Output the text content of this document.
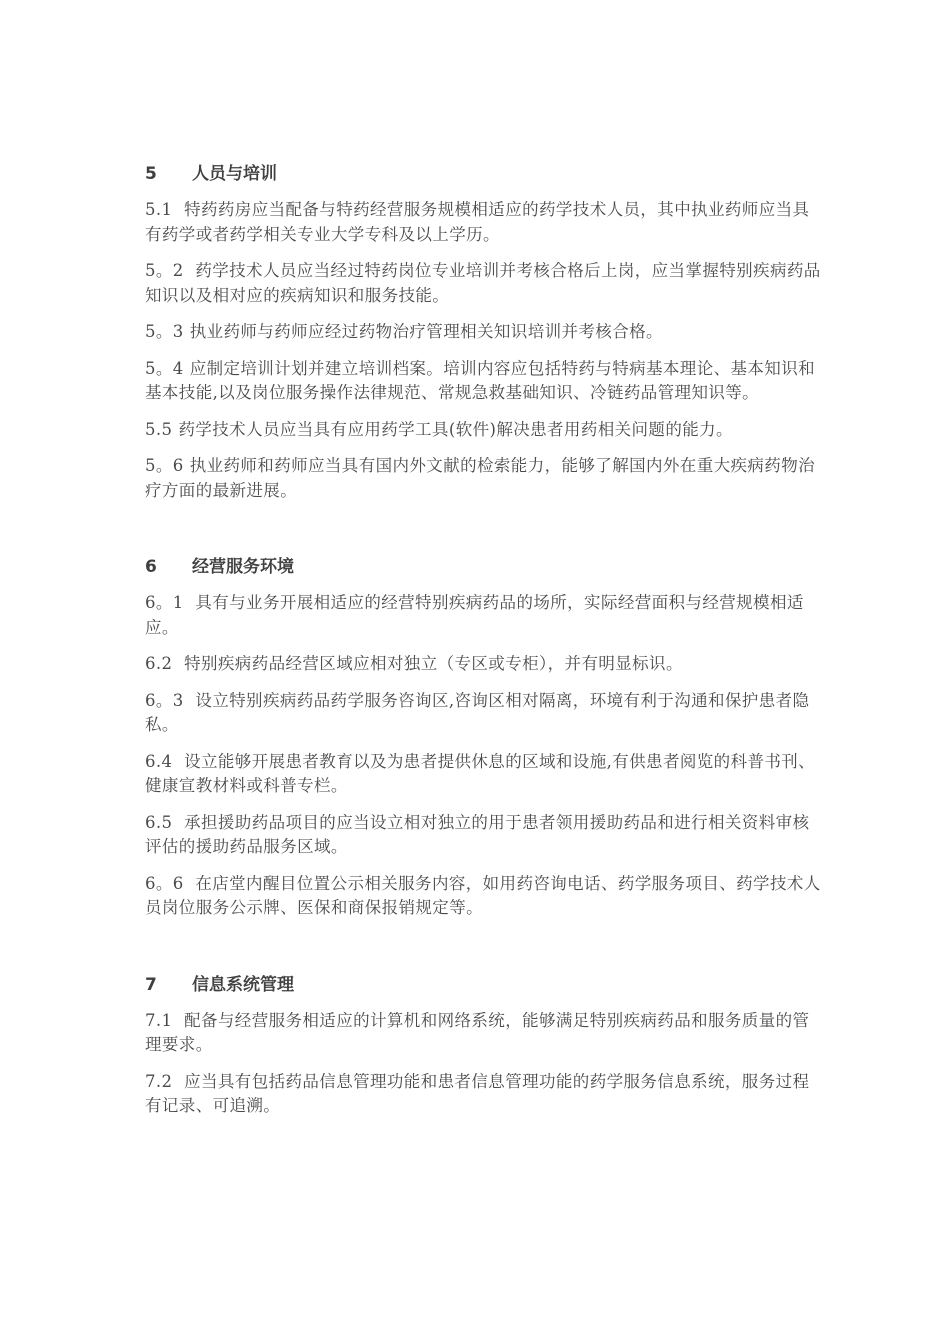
5	人员与培训

5.1 特药药房应当配备与特药经营服务规模相适应的药学技术人员，其中执业药师应当具有药学或者药学相关专业大学专科及以上学历。

5。2 药学技术人员应当经过特药岗位专业培训并考核合格后上岗，应当掌握特别疾病药品知识以及相对应的疾病知识和服务技能。

5。3 执业药师与药师应经过药物治疗管理相关知识培训并考核合格。

5。4 应制定培训计划并建立培训档案。培训内容应包括特药与特病基本理论、基本知识和基本技能,以及岗位服务操作法律规范、常规急救基础知识、冷链药品管理知识等。

5.5 药学技术人员应当具有应用药学工具(软件)解决患者用药相关问题的能力。

5。6 执业药师和药师应当具有国内外文献的检索能力，能够了解国内外在重大疾病药物治疗方面的最新进展。

6	经营服务环境

6。1 具有与业务开展相适应的经营特别疾病药品的场所，实际经营面积与经营规模相适应。

6.2 特别疾病药品经营区域应相对独立（专区或专柜），并有明显标识。

6。3 设立特别疾病药品药学服务咨询区,咨询区相对隔离，环境有利于沟通和保护患者隐私。

6.4 设立能够开展患者教育以及为患者提供休息的区域和设施,有供患者阅览的科普书刊、健康宣教材料或科普专栏。

6.5 承担援助药品项目的应当设立相对独立的用于患者领用援助药品和进行相关资料审核评估的援助药品服务区域。

6。6 在店堂内醒目位置公示相关服务内容，如用药咨询电话、药学服务项目、药学技术人员岗位服务公示牌、医保和商保报销规定等。

7	信息系统管理

7.1 配备与经营服务相适应的计算机和网络系统，能够满足特别疾病药品和服务质量的管理要求。

7.2 应当具有包括药品信息管理功能和患者信息管理功能的药学服务信息系统，服务过程有记录、可追溯。
